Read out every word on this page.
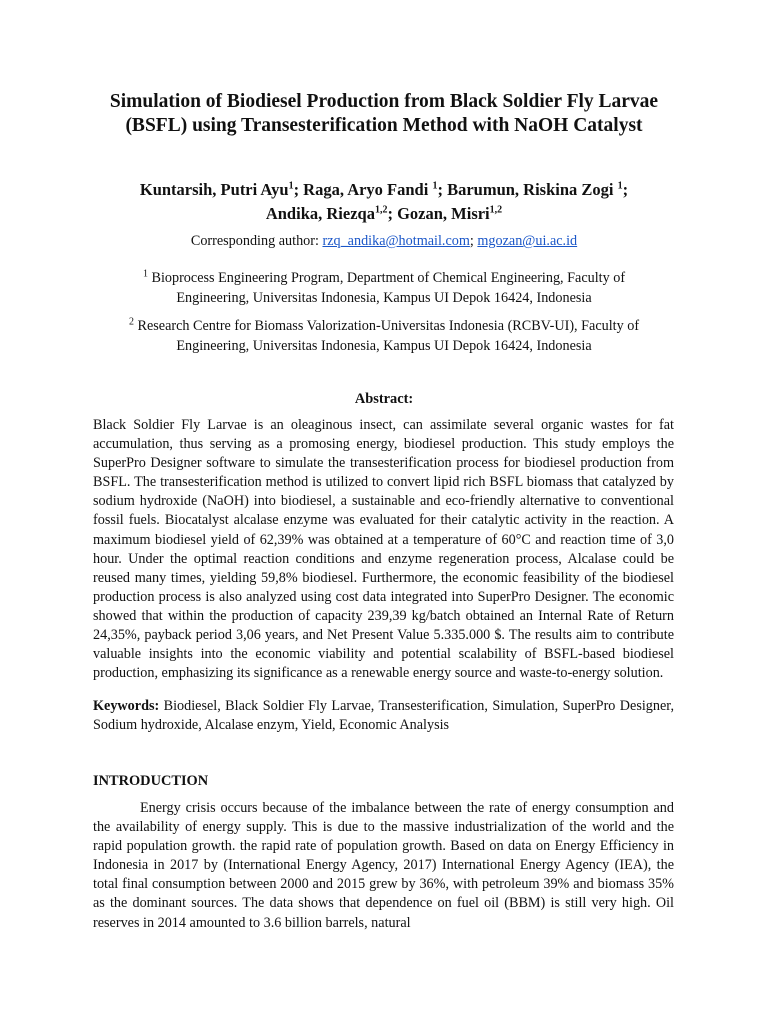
Simulation of Biodiesel Production from Black Soldier Fly Larvae
(BSFL) using Transesterification Method with NaOH Catalyst
Kuntarsih, Putri Ayu$^1$; Raga, Aryo Fandi $^1$; Barumun, Riskina Zogi $^1$;
Andika, Riezqa$^{1,2}$; Gozan, Misri$^{1,2}$
Corresponding author: rzq_andika@hotmail.com; mgozan@ui.ac.id
$^1$ Bioprocess Engineering Program, Department of Chemical Engineering, Faculty of
Engineering, Universitas Indonesia, Kampus UI Depok 16424, Indonesia
$^2$ Research Centre for Biomass Valorization-Universitas Indonesia (RCBV-UI), Faculty of
Engineering, Universitas Indonesia, Kampus UI Depok 16424, Indonesia
Abstract:

Black Soldier Fly Larvae is an oleaginous insect, can assimilate several organic wastes for fat accumulation, thus serving as a promosing energy, biodiesel production. This study employs the SuperPro Designer software to simulate the transesterification process for biodiesel production from BSFL. The transesterification method is utilized to convert lipid rich BSFL biomass that catalyzed by sodium hydroxide (NaOH) into biodiesel, a sustainable and eco-friendly alternative to conventional fossil fuels. Biocatalyst alcalase enzyme was evaluated for their catalytic activity in the reaction. A maximum biodiesel yield of 62,39% was obtained at a temperature of 60°C and reaction time of 3,0 hour. Under the optimal reaction conditions and enzyme regeneration process, Alcalase could be reused many times, yielding 59,8% biodiesel. Furthermore, the economic feasibility of the biodiesel production process is also analyzed using cost data integrated into SuperPro Designer. The economic showed that within the production of capacity 239,39 kg/batch obtained an Internal Rate of Return 24,35%, payback period 3,06 years, and Net Present Value 5.335.000 $. The results aim to contribute valuable insights into the economic viability and potential scalability of BSFL-based biodiesel production, emphasizing its significance as a renewable energy source and waste-to-energy solution.

Keywords: Biodiesel, Black Soldier Fly Larvae, Transesterification, Simulation, SuperPro Designer, Sodium hydroxide, Alcalase enzym, Yield, Economic Analysis

INTRODUCTION

Energy crisis occurs because of the imbalance between the rate of energy consumption and the availability of energy supply. This is due to the massive industrialization of the world and the rapid population growth. the rapid rate of population growth. Based on data on Energy Efficiency in Indonesia in 2017 by (International Energy Agency, 2017) International Energy Agency (IEA), the total final consumption between 2000 and 2015 grew by 36%, with petroleum 39% and biomass 35% as the dominant sources. The data shows that dependence on fuel oil (BBM) is still very high. Oil reserves in 2014 amounted to 3.6 billion barrels, natural
